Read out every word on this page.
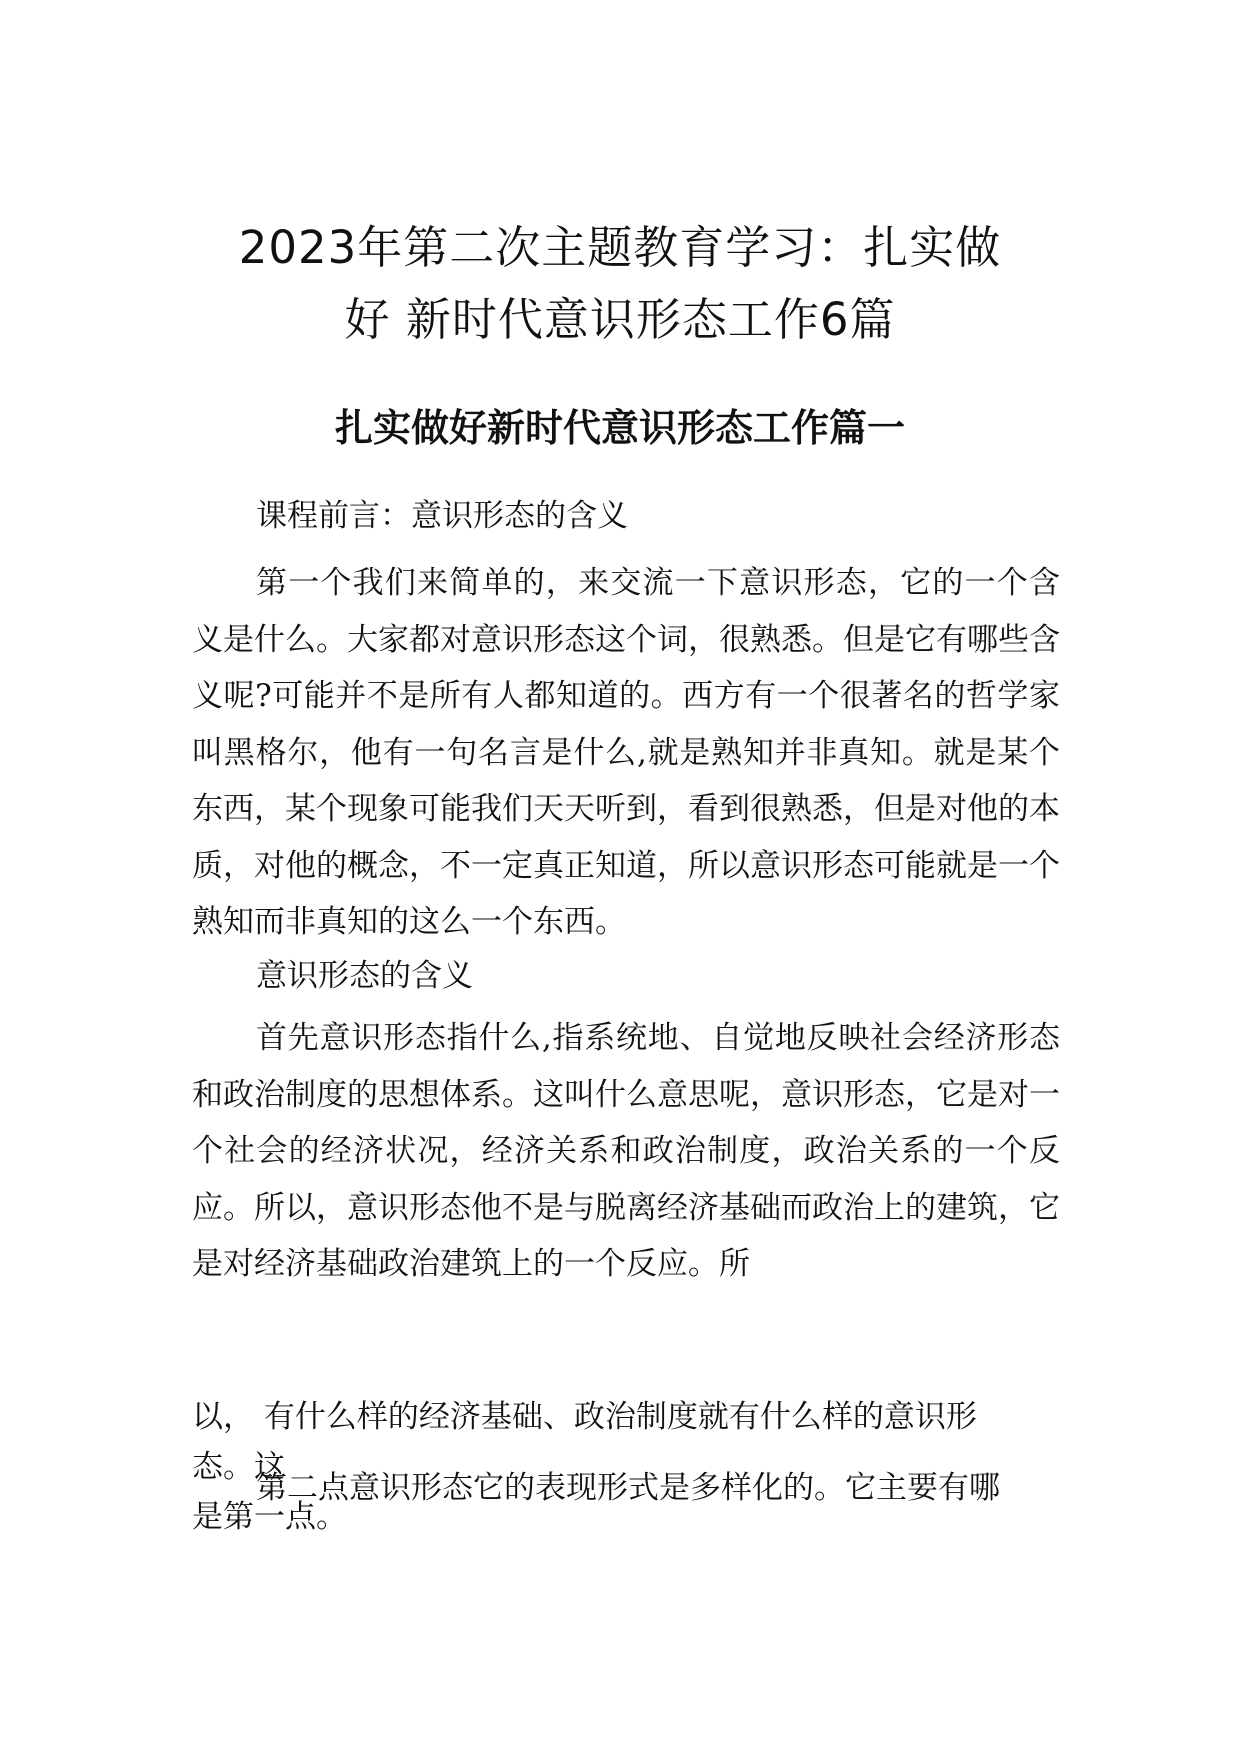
2023年第二次主题教育学习：扎实做
好 新时代意识形态工作6篇
扎实做好新时代意识形态工作篇一

课程前言：意识形态的含义

第一个我们来简单的，来交流一下意识形态，它的一个含义是什么。大家都对意识形态这个词，很熟悉。但是它有哪些含义呢?可能并不是所有人都知道的。西方有一个很著名的哲学家叫黑格尔，他有一句名言是什么,就是熟知并非真知。就是某个东西，某个现象可能我们天天听到，看到很熟悉，但是对他的本质，对他的概念，不一定真正知道，所以意识形态可能就是一个熟知而非真知的这么一个东西。

意识形态的含义

首先意识形态指什么,指系统地、自觉地反映社会经济形态和政治制度的思想体系。这叫什么意思呢，意识形态，它是对一个社会的经济状况，经济关系和政治制度，政治关系的一个反应。所以，意识形态他不是与脱离经济基础而政治上的建筑，它是对经济基础政治建筑上的一个反应。所

以， 有什么样的经济基础、政治制度就有什么样的意识形
态。这
是第一点。

第二点意识形态它的表现形式是多样化的。它主要有哪
